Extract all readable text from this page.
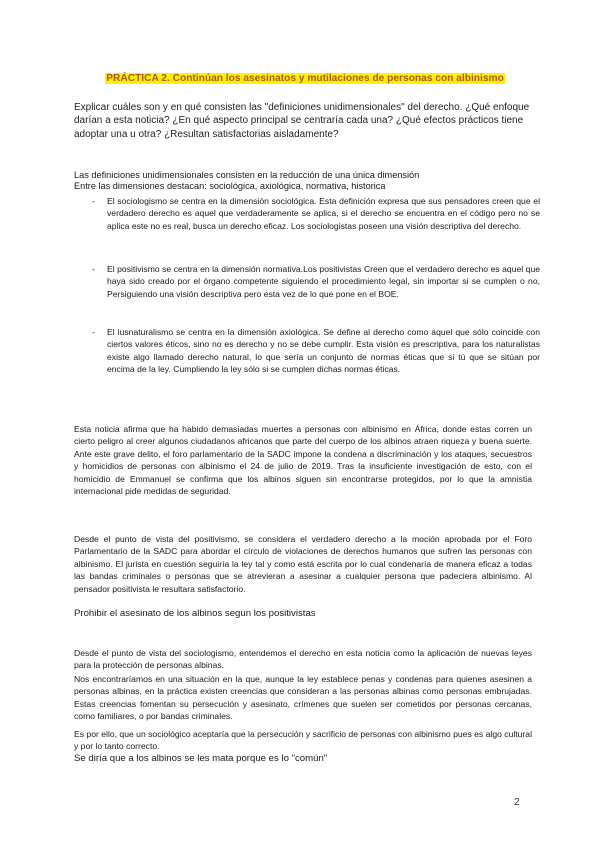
PRÁCTICA 2. Continúan los asesinatos y mutilaciones de personas con albinismo
Explicar cuáles son y en qué consisten las "definiciones unidimensionales" del derecho. ¿Qué enfoque darían a esta noticia? ¿En qué aspecto principal se centraría cada una? ¿Qué efectos prácticos tiene adoptar una u otra? ¿Resultan satisfactorias aisladamente?
Las definiciones unidimensionales consisten en la reducción de una única dimensión
Entre las dimensiones destacan: sociológica, axiológica, normativa, historica
- El sociologismo se centra en la dimensión sociológica. Esta definición expresa que sus pensadores creen que el verdadero derecho es aquel que verdaderamente se aplica, si el derecho se encuentra en el código pero no se aplica este no es real, busca un derecho eficaz. Los sociologistas poseen una visión descriptiva del derecho.
- El positivismo se centra en la dimensión normativa.Los positivistas Creen que el verdadero derecho es aquel que haya sido creado por el órgano competente siguiendo el procedimiento legal, sin importar si se cumplen o no, Persiguiendo una visión descriptiva pero esta vez de lo que pone en el BOE.
- El iusnaturalismo se centra en la dimensión axiológica. Se define al derecho como aquel que sólo coincide con ciertos valores éticos, sino no es derecho y no se debe cumplir. Esta visión es prescriptiva, para los naturalistas existe algo llamado derecho natural, lo que sería un conjunto de normas éticas que si tú que se sitúan por encima de la ley. Cumpliendo la ley sólo si se cumplen dichas normas éticas.
Esta noticia afirma que ha habido demasiadas muertes a personas con albinismo en África, donde estas corren un cierto peligro al creer algunos ciudadanos africanos que parte del cuerpo de los albinos atraen riqueza y buena suerte. Ante este grave delito, el foro parlamentario de la SADC impone la condena a discriminación y los ataques, secuestros y homicidios de personas con albinismo el 24 de julio de 2019. Tras la insuficiente investigación de esto, con el homicidio de Emmanuel se confirma que los albinos siguen sin encontrarse protegidos, por lo que la amnistia internacional pide medidas de seguridad.
Desde el punto de vista del positivismo, se considera el verdadero derecho a la moción aprobada por el Foro Parlamentario de la SADC para abordar el círculo de violaciones de derechos humanos que sufren las personas con albinismo. El jurista en cuestión seguiría la ley tal y como está escrita por lo cual condenaría de manera eficaz a todas las bandas criminales o personas que se atrevieran a asesinar a cualquier persona que padeciera albinismo. Al pensador positivista le resultara satisfactorio.
Prohibir el asesinato de los albinos segun los positivistas
Desde el punto de vista del sociologismo, entendemos el derecho en esta noticia como la aplicación de nuevas leyes para la protección de personas albinas.
Nos encontraríamos en una situación en la que, aunque la ley establece penas y condenas para quienes asesinen a personas albinas, en la práctica existen creencias que consideran a las personas albinas como personas embrujadas. Estas creencias fomentan su persecución y asesinato, crímenes que suelen ser cometidos por personas cercanas, como familiares, o por bandas criminales.
Es por ello, que un sociológico aceptaría que la persecución y sacrificio de personas con albinismo pues es algo cultural y por lo tanto correcto.
Se diría que a los albinos se les mata porque es lo "común"
2
